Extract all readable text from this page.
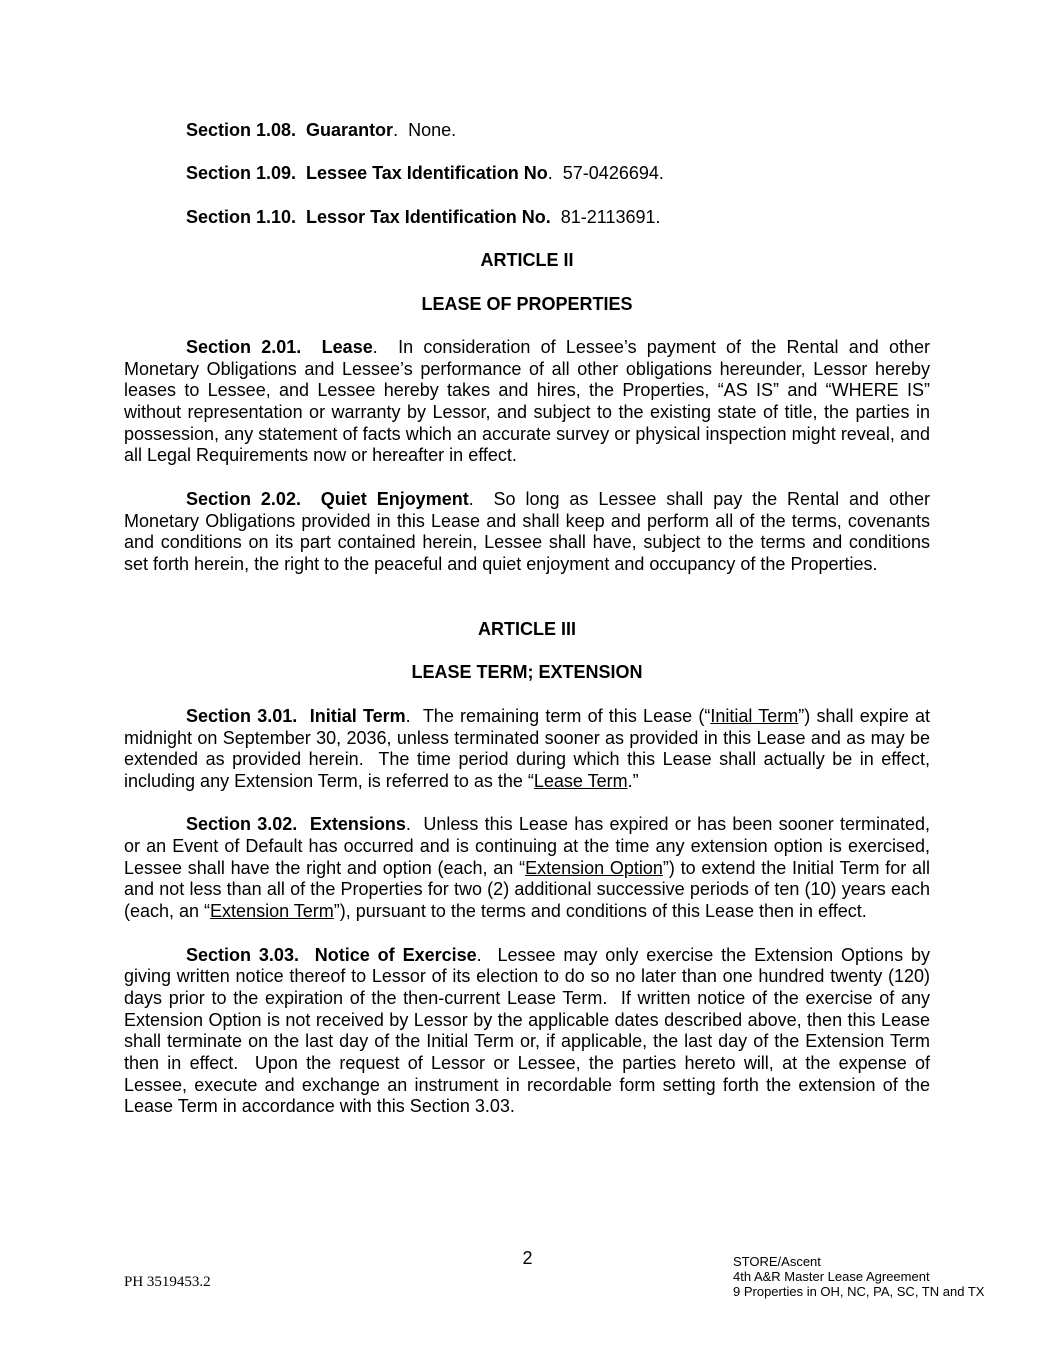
Section 1.08.  Guarantor.  None.

Section 1.09.  Lessee Tax Identification No.  57-0426694.

Section 1.10.  Lessor Tax Identification No.  81-2113691.

ARTICLE II

LEASE OF PROPERTIES

Section 2.01.  Lease.  In consideration of Lessee’s payment of the Rental and other Monetary Obligations and Lessee’s performance of all other obligations hereunder, Lessor hereby leases to Lessee, and Lessee hereby takes and hires, the Properties, “AS IS” and “WHERE IS” without representation or warranty by Lessor, and subject to the existing state of title, the parties in possession, any statement of facts which an accurate survey or physical inspection might reveal, and all Legal Requirements now or hereafter in effect.

Section 2.02.  Quiet Enjoyment.  So long as Lessee shall pay the Rental and other Monetary Obligations provided in this Lease and shall keep and perform all of the terms, covenants and conditions on its part contained herein, Lessee shall have, subject to the terms and conditions set forth herein, the right to the peaceful and quiet enjoyment and occupancy of the Properties.

ARTICLE III

LEASE TERM; EXTENSION

Section 3.01.  Initial Term.  The remaining term of this Lease (“Initial Term”) shall expire at midnight on September 30, 2036, unless terminated sooner as provided in this Lease and as may be extended as provided herein.  The time period during which this Lease shall actually be in effect, including any Extension Term, is referred to as the “Lease Term.”

Section 3.02.  Extensions.  Unless this Lease has expired or has been sooner terminated, or an Event of Default has occurred and is continuing at the time any extension option is exercised, Lessee shall have the right and option (each, an “Extension Option”) to extend the Initial Term for all and not less than all of the Properties for two (2) additional successive periods of ten (10) years each (each, an “Extension Term”), pursuant to the terms and conditions of this Lease then in effect.

Section 3.03.  Notice of Exercise.  Lessee may only exercise the Extension Options by giving written notice thereof to Lessor of its election to do so no later than one hundred twenty (120) days prior to the expiration of the then-current Lease Term.  If written notice of the exercise of any Extension Option is not received by Lessor by the applicable dates described above, then this Lease shall terminate on the last day of the Initial Term or, if applicable, the last day of the Extension Term then in effect.  Upon the request of Lessor or Lessee, the parties hereto will, at the expense of Lessee, execute and exchange an instrument in recordable form setting forth the extension of the Lease Term in accordance with this Section 3.03.

2
PH 3519453.2
STORE/Ascent
4th A&R Master Lease Agreement
9 Properties in OH, NC, PA, SC, TN and TX
